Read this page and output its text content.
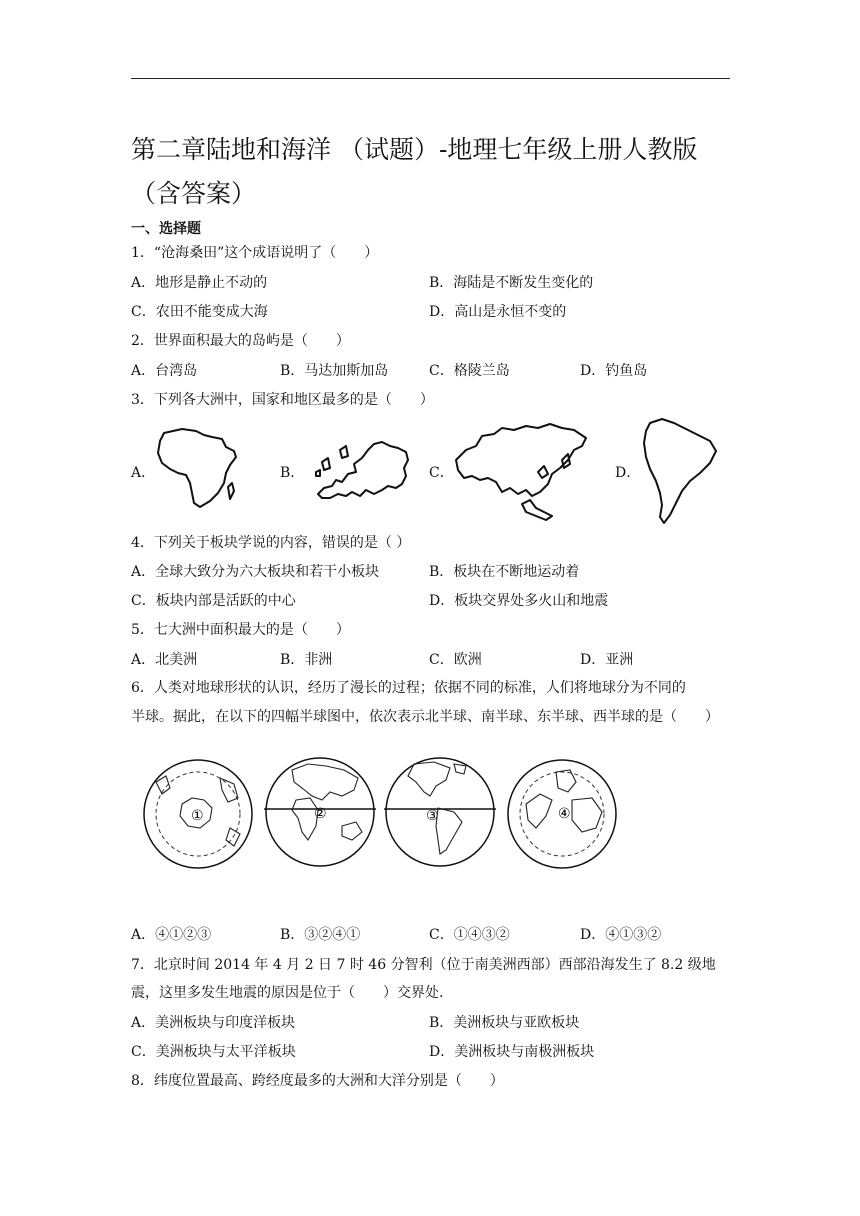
第二章陆地和海洋 （试题）-地理七年级上册人教版
（含答案）
一、选择题
1．“沧海桑田”这个成语说明了（　　）
A．地形是静止不动的	B．海陆是不断发生变化的
C．农田不能变成大海	D．高山是永恒不变的
2．世界面积最大的岛屿是（　　）
A．台湾岛	B．马达加斯加岛	C．格陵兰岛	D．钓鱼岛
3．下列各大洲中，国家和地区最多的是（　　）
A．	B．	C．	D．
4．下列关于板块学说的内容，错误的是（ ）
A．全球大致分为六大板块和若干小板块	B．板块在不断地运动着
C．板块内部是活跃的中心	D．板块交界处多火山和地震
5．七大洲中面积最大的是（　　）
A．北美洲	B．非洲	C．欧洲	D．亚洲
6．人类对地球形状的认识，经历了漫长的过程；依据不同的标准，人们将地球分为不同的
半球。据此，在以下的四幅半球图中，依次表示北半球、南半球、东半球、西半球的是（　　）
①	②	③	④
A．④①②③	B．③②④①	C．①④③②	D．④①③②
7．北京时间 2014 年 4 月 2 日 7 时 46 分智利（位于南美洲西部）西部沿海发生了 8.2 级地
震，这里多发生地震的原因是位于（　　）交界处.
A．美洲板块与印度洋板块	B．美洲板块与亚欧板块
C．美洲板块与太平洋板块	D．美洲板块与南极洲板块
8．纬度位置最高、跨经度最多的大洲和大洋分别是（　　）
